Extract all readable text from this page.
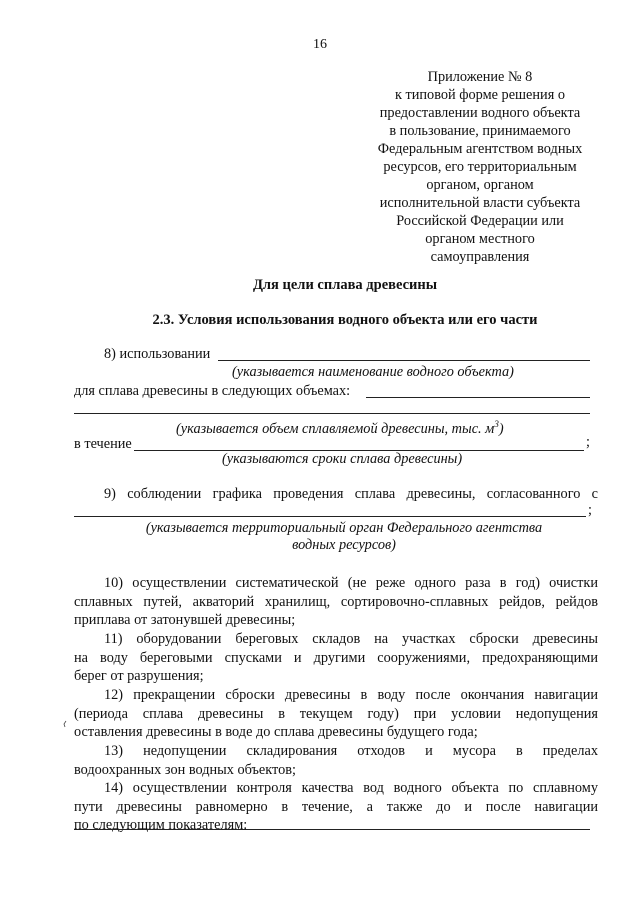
16
Приложение № 8
к типовой форме решения о
предоставлении водного объекта
в пользование, принимаемого
Федеральным агентством водных
ресурсов, его территориальным
органом, органом
исполнительной власти субъекта
Российской Федерации или
органом местного
самоуправления
Для цели сплава древесины
2.3. Условия использования водного объекта или его части
8) использовании
(указывается наименование водного объекта)
для сплава древесины в следующих объемах:
(указывается объем сплавляемой древесины, тыс. $м^3$)
в течение	;
(указываются сроки сплава древесины)
9) соблюдении графика проведения сплава древесины, согласованного с
;
(указывается территориальный орган Федерального агентства
водных ресурсов)
10) осуществлении систематической (не реже одного раза в год) очистки
сплавных путей, акваторий хранилищ, сортировочно-сплавных рейдов, рейдов
приплава от затонувшей древесины;
11) оборудовании береговых складов на участках сброски древесины
на воду береговыми спусками и другими сооружениями, предохраняющими
берег от разрушения;
12) прекращении сброски древесины в воду после окончания навигации
(периода сплава древесины в текущем году) при условии недопущения
оставления древесины в воде до сплава древесины будущего года;
13) недопущении складирования отходов и мусора в пределах
водоохранных зон водных объектов;
14) осуществлении контроля качества вод водного объекта по сплавному
пути древесины равномерно в течение, а также до и после навигации
по следующим показателям:
